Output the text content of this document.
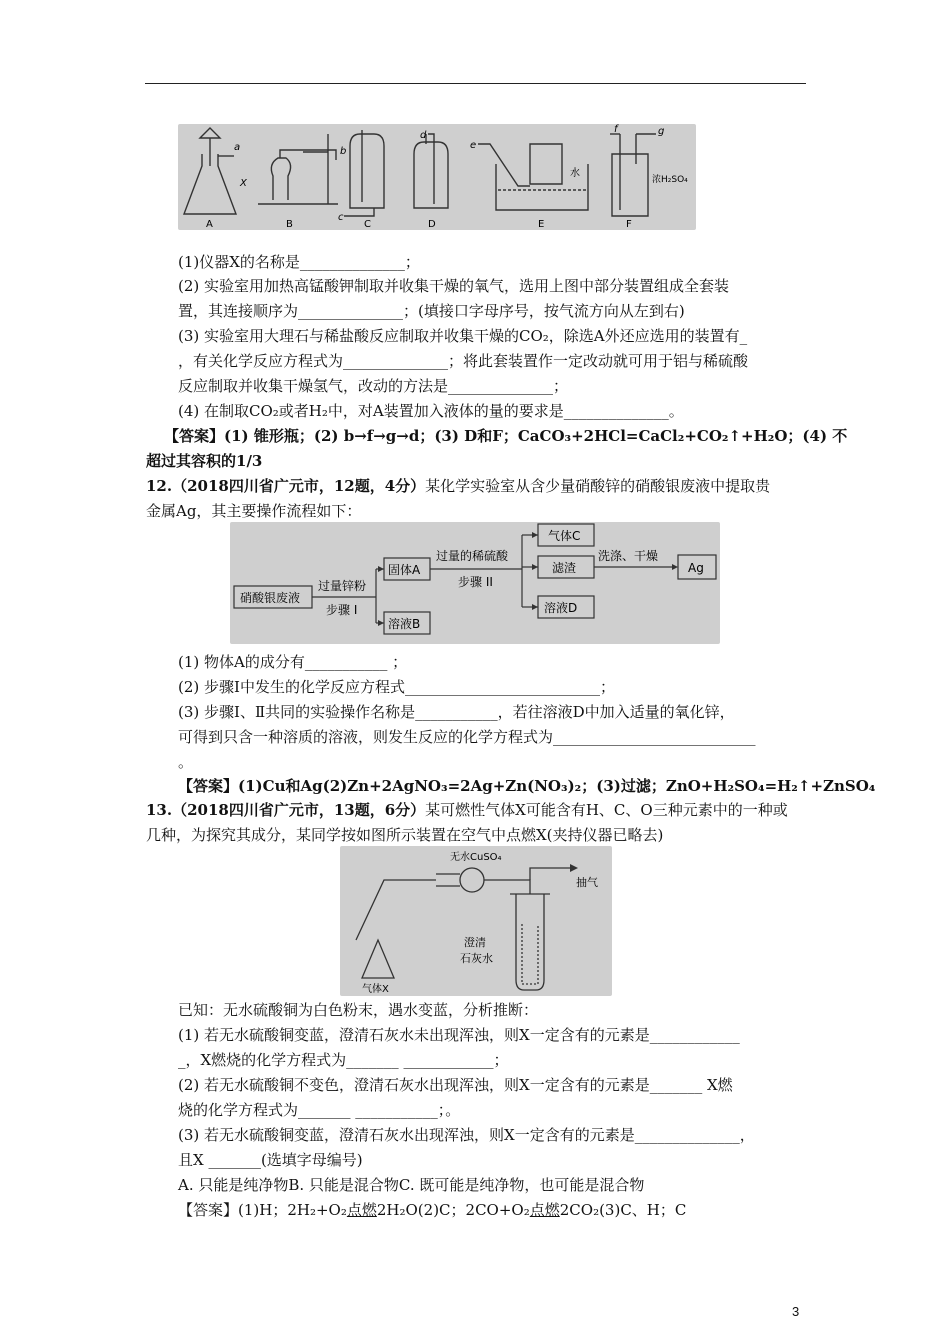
a
X
b
c
d
e
f	g
水
浓H₂SO₄
A	B	C	D	E	F
(1)仪器X的名称是______________；
(2) 实验室用加热高锰酸钾制取并收集干燥的氧气，选用上图中部分装置组成全套装
置，其连接顺序为______________；(填接口字母序号，按气流方向从左到右)
(3) 实验室用大理石与稀盐酸反应制取并收集干燥的CO₂，除选A外还应选用的装置有_
，有关化学反应方程式为______________；将此套装置作一定改动就可用于铝与稀硫酸
反应制取并收集干燥氢气，改动的方法是______________；
(4) 在制取CO₂或者H₂中，对A装置加入液体的量的要求是______________。
【答案】(1) 锥形瓶；(2) b→f→g→d；(3) D和F；CaCO₃+2HCl=CaCl₂+CO₂↑+H₂O；(4) 不
超过其容积的1/3
12.（2018四川省广元市，12题，4分）某化学实验室从含少量硝酸锌的硝酸银废液中提取贵
金属Ag，其主要操作流程如下：
硝酸银废液
过量锌粉
步骤 I
固体A
溶液B
过量的稀硫酸
步骤 II
气体C
滤渣
溶液D
洗涤、干燥
Ag
(1) 物体A的成分有___________ ；
(2) 步骤Ⅰ中发生的化学反应方程式__________________________；
(3) 步骤Ⅰ、Ⅱ共同的实验操作名称是___________，若往溶液D中加入适量的氧化锌，
可得到只含一种溶质的溶液，则发生反应的化学方程式为___________________________
。
【答案】(1)Cu和Ag(2)Zn+2AgNO₃=2Ag+Zn(NO₃)₂；(3)过滤；ZnO+H₂SO₄=H₂↑+ZnSO₄
13.（2018四川省广元市，13题，6分）某可燃性气体X可能含有H、C、O三种元素中的一种或
几种，为探究其成分，某同学按如图所示装置在空气中点燃X(夹持仪器已略去)
无水CuSO₄
抽气
澄清
石灰水
气体X
已知：无水硫酸铜为白色粉末，遇水变蓝，分析推断：
(1) 若无水硫酸铜变蓝，澄清石灰水未出现浑浊，则X一定含有的元素是____________
_，X燃烧的化学方程式为_______ ____________；
(2) 若无水硫酸铜不变色，澄清石灰水出现浑浊，则X一定含有的元素是_______ X燃
烧的化学方程式为_______ ___________；。
(3) 若无水硫酸铜变蓝，澄清石灰水出现浑浊，则X一定含有的元素是______________，
且X _______(选填字母编号)
A. 只能是纯净物B. 只能是混合物C. 既可能是纯净物，也可能是混合物
【答案】(1)H；2H₂+O₂点燃2H₂O(2)C；2CO+O₂点燃2CO₂(3)C、H；C
3
